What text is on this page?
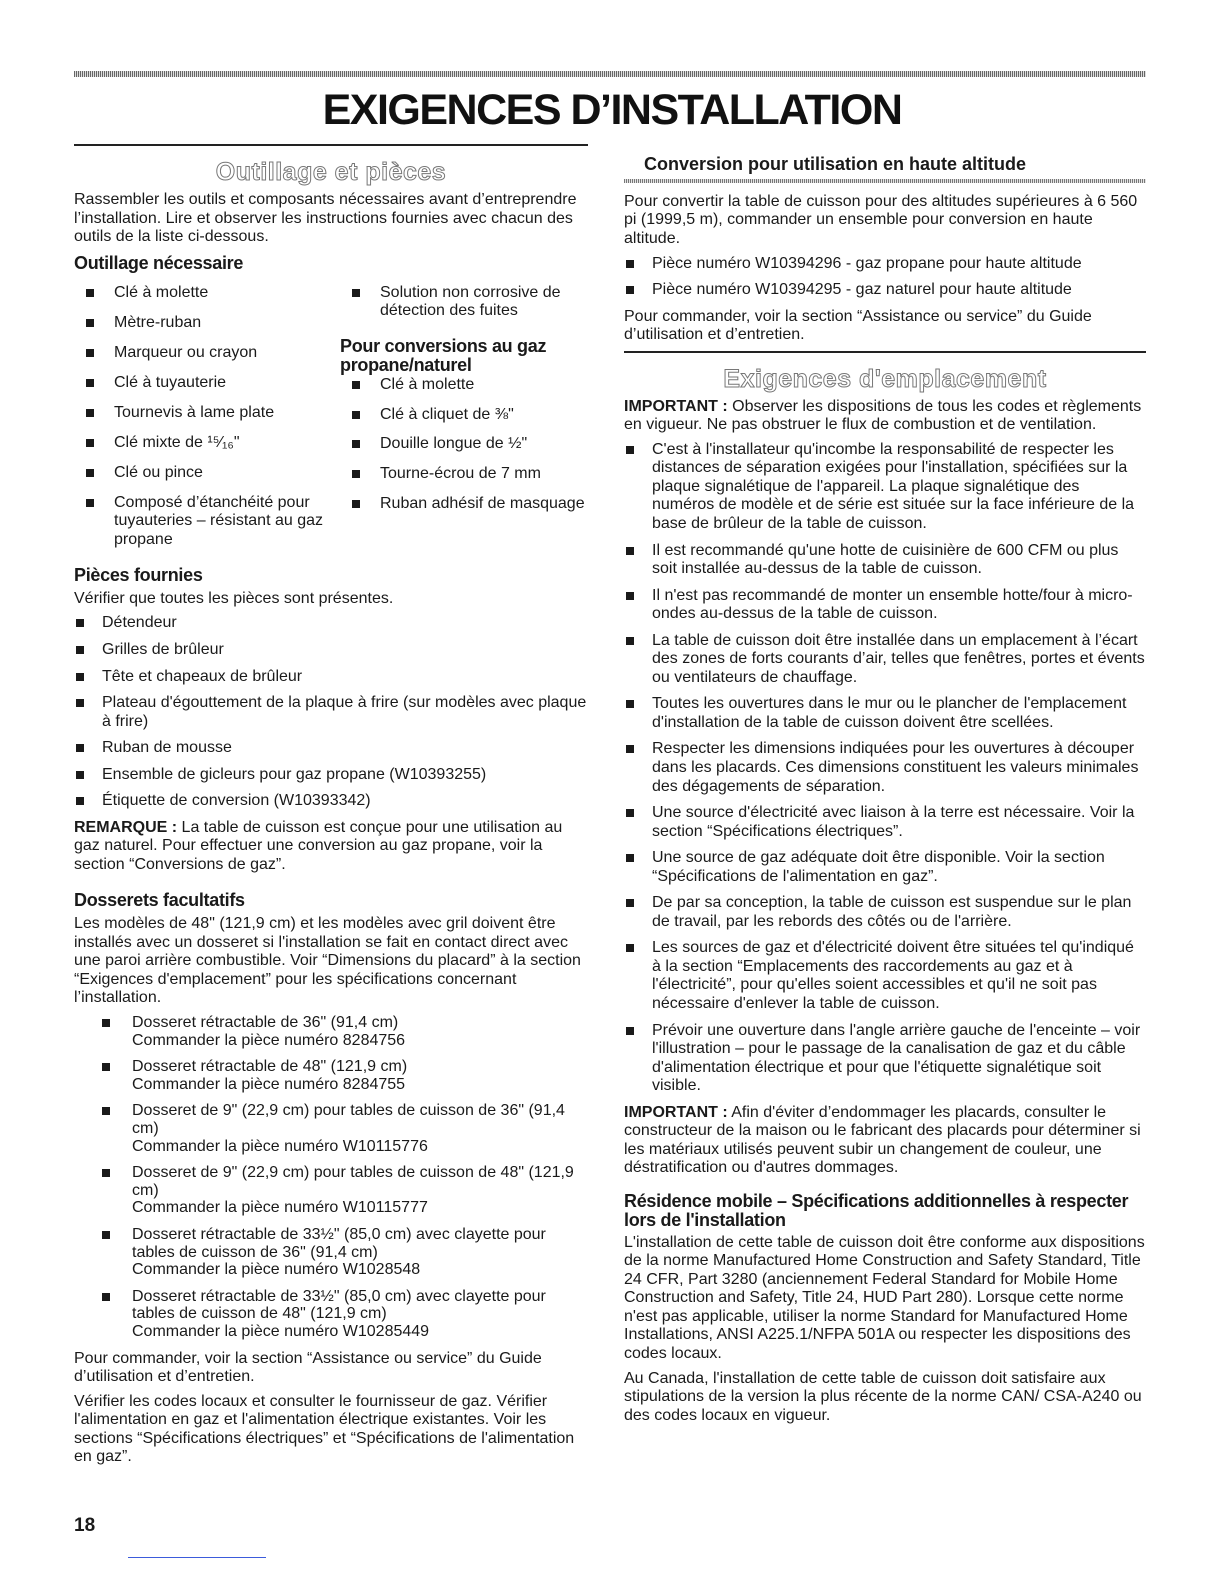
EXIGENCES D’INSTALLATION
Outillage et pièces

Rassembler les outils et composants nécessaires avant d’entreprendre l’installation. Lire et observer les instructions fournies avec chacun des outils de la liste ci-dessous.

Outillage nécessaire
Clé à molette
Mètre-ruban
Marqueur ou crayon
Clé à tuyauterie
Tournevis à lame plate
Clé mixte de ¹⁵⁄₁₆"
Clé ou pince
Composé d’étanchéité pour tuyauteries – résistant au gaz propane
Solution non corrosive de détection des fuites
Pour conversions au gaz propane/naturel
Clé à molette
Clé à cliquet de ⅜"
Douille longue de ½"
Tourne-écrou de 7 mm
Ruban adhésif de masquage
Pièces fournies

Vérifier que toutes les pièces sont présentes.

Détendeur
Grilles de brûleur
Tête et chapeaux de brûleur
Plateau d'égouttement de la plaque à frire (sur modèles avec plaque à frire)
Ruban de mousse
Ensemble de gicleurs pour gaz propane (W10393255)
Étiquette de conversion (W10393342)

REMARQUE : La table de cuisson est conçue pour une utilisation au gaz naturel. Pour effectuer une conversion au gaz propane, voir la section “Conversions de gaz”.

Dosserets facultatifs

Les modèles de 48" (121,9 cm) et les modèles avec gril doivent être installés avec un dosseret si l'installation se fait en contact direct avec une paroi arrière combustible. Voir “Dimensions du placard” à la section “Exigences d'emplacement” pour les spécifications concernant l’installation.

Dosseret rétractable de 36" (91,4 cm)
Commander la pièce numéro 8284756
Dosseret rétractable de 48" (121,9 cm)
Commander la pièce numéro 8284755
Dosseret de 9" (22,9 cm) pour tables de cuisson de 36" (91,4 cm)
Commander la pièce numéro W10115776
Dosseret de 9" (22,9 cm) pour tables de cuisson de 48" (121,9 cm)
Commander la pièce numéro W10115777
Dosseret rétractable de 33½" (85,0 cm) avec clayette pour tables de cuisson de 36" (91,4 cm)
Commander la pièce numéro W1028548
Dosseret rétractable de 33½" (85,0 cm) avec clayette pour tables de cuisson de 48" (121,9 cm)
Commander la pièce numéro W10285449

Pour commander, voir la section “Assistance ou service” du Guide d’utilisation et d’entretien.

Vérifier les codes locaux et consulter le fournisseur de gaz. Vérifier l'alimentation en gaz et l'alimentation électrique existantes. Voir les sections “Spécifications électriques” et “Spécifications de l'alimentation en gaz”.

Conversion pour utilisation en haute altitude

Pour convertir la table de cuisson pour des altitudes supérieures à 6 560 pi (1999,5 m), commander un ensemble pour conversion en haute altitude.

Pièce numéro W10394296 - gaz propane pour haute altitude
Pièce numéro W10394295 - gaz naturel pour haute altitude

Pour commander, voir la section “Assistance ou service” du Guide d’utilisation et d’entretien.

Exigences d'emplacement

IMPORTANT : Observer les dispositions de tous les codes et règlements en vigueur. Ne pas obstruer le flux de combustion et de ventilation.

C'est à l'installateur qu'incombe la responsabilité de respecter les distances de séparation exigées pour l'installation, spécifiées sur la plaque signalétique de l'appareil. La plaque signalétique des numéros de modèle et de série est située sur la face inférieure de la base de brûleur de la table de cuisson.
Il est recommandé qu'une hotte de cuisinière de 600 CFM ou plus soit installée au-dessus de la table de cuisson.
Il n'est pas recommandé de monter un ensemble hotte/four à micro-ondes au-dessus de la table de cuisson.
La table de cuisson doit être installée dans un emplacement à l’écart des zones de forts courants d’air, telles que fenêtres, portes et évents ou ventilateurs de chauffage.
Toutes les ouvertures dans le mur ou le plancher de l'emplacement d'installation de la table de cuisson doivent être scellées.
Respecter les dimensions indiquées pour les ouvertures à découper dans les placards. Ces dimensions constituent les valeurs minimales des dégagements de séparation.
Une source d'électricité avec liaison à la terre est nécessaire. Voir la section “Spécifications électriques”.
Une source de gaz adéquate doit être disponible. Voir la section “Spécifications de l'alimentation en gaz”.
De par sa conception, la table de cuisson est suspendue sur le plan de travail, par les rebords des côtés ou de l'arrière.
Les sources de gaz et d'électricité doivent être situées tel qu'indiqué à la section “Emplacements des raccordements au gaz et à l'électricité”, pour qu'elles soient accessibles et qu'il ne soit pas nécessaire d'enlever la table de cuisson.
Prévoir une ouverture dans l'angle arrière gauche de l'enceinte – voir l'illustration – pour le passage de la canalisation de gaz et du câble d'alimentation électrique et pour que l'étiquette signalétique soit visible.

IMPORTANT : Afin d'éviter d’endommager les placards, consulter le constructeur de la maison ou le fabricant des placards pour déterminer si les matériaux utilisés peuvent subir un changement de couleur, une déstratification ou d'autres dommages.

Résidence mobile – Spécifications additionnelles à respecter lors de l'installation

L'installation de cette table de cuisson doit être conforme aux dispositions de la norme Manufactured Home Construction and Safety Standard, Title 24 CFR, Part 3280 (anciennement Federal Standard for Mobile Home Construction and Safety, Title 24, HUD Part 280). Lorsque cette norme n'est pas applicable, utiliser la norme Standard for Manufactured Home Installations, ANSI A225.1/NFPA 501A ou respecter les dispositions des codes locaux.

Au Canada, l'installation de cette table de cuisson doit satisfaire aux stipulations de la version la plus récente de la norme CAN/ CSA-A240 ou des codes locaux en vigueur.

18
